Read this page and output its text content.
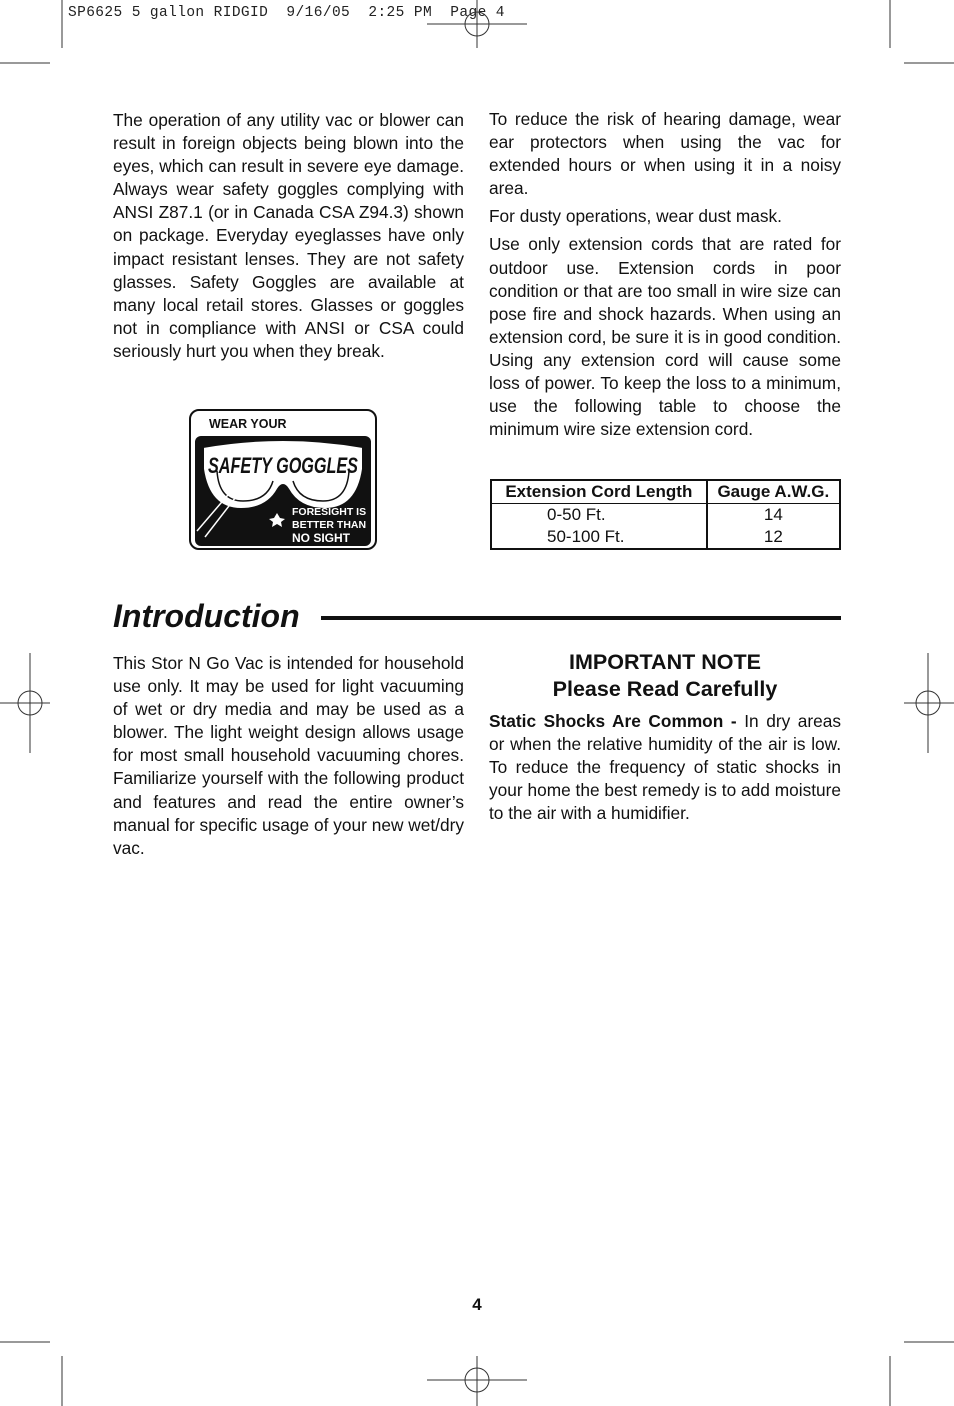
SP6625 5 gallon RIDGID  9/16/05  2:25 PM  Page 4

The operation of any utility vac or blower can result in foreign objects being blown into the eyes, which can result in severe eye damage. Always wear safety goggles complying with ANSI Z87.1 (or in Canada CSA Z94.3) shown on package. Everyday eyeglasses have only impact resistant lenses. They are not safety glasses. Safety Goggles are available at many local retail stores. Glasses or goggles not in compliance with ANSI or CSA could seriously hurt you when they break.

WEAR YOUR
SAFETY GOGGLES
FORESIGHT IS
BETTER THAN
NO SIGHT

To reduce the risk of hearing damage, wear ear protectors when using the vac for extended hours or when using it in a noisy area.

For dusty operations, wear dust mask.

Use only extension cords that are rated for outdoor use. Extension cords in poor condition or that are too small in wire size can pose fire and shock hazards. When using an extension cord, be sure it is in good condition. Using any extension cord will cause some loss of power. To keep the loss to a minimum, use the following table to choose the minimum wire size extension cord.

Extension Cord Length	Gauge A.W.G.
0-50 Ft.	14
50-100 Ft.	12
Introduction

This Stor N Go Vac is intended for household use only. It may be used for light vacuuming of wet or dry media and may be used as a blower. The light weight design allows usage for most small household vacuuming chores. Familiarize yourself with the following product and features and read the entire owner’s manual for specific usage of your new wet/dry vac.

IMPORTANT NOTE
Please Read Carefully

Static Shocks Are Common - In dry areas or when the relative humidity of the air is low. To reduce the frequency of static shocks in your home the best remedy is to add moisture to the air with a humidifier.

4
